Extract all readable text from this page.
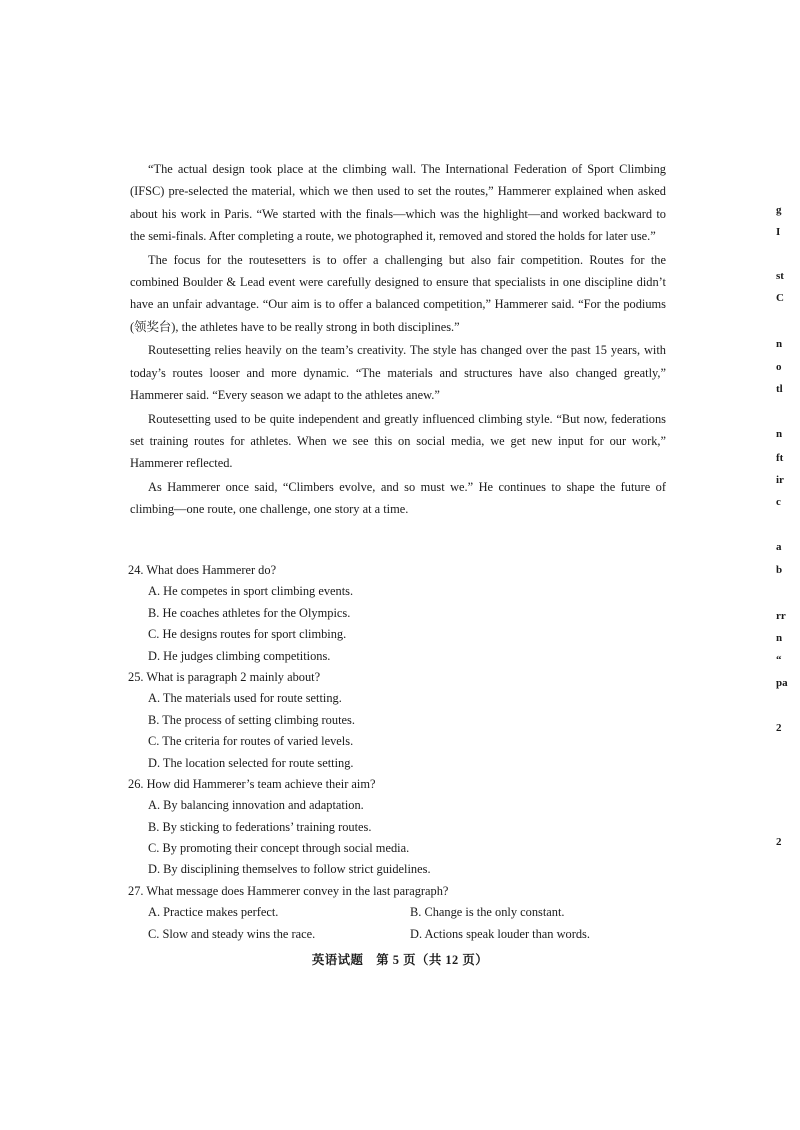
“The actual design took place at the climbing wall. The International Federation of Sport Climbing (IFSC) pre-selected the material, which we then used to set the routes,” Hammerer explained when asked about his work in Paris. “We started with the finals—which was the highlight—and worked backward to the semi-finals. After completing a route, we photographed it, removed and stored the holds for later use.”

The focus for the routesetters is to offer a challenging but also fair competition. Routes for the combined Boulder & Lead event were carefully designed to ensure that specialists in one discipline didn’t have an unfair advantage. “Our aim is to offer a balanced competition,” Hammerer said. “For the podiums (领奖台), the athletes have to be really strong in both disciplines.”

Routesetting relies heavily on the team’s creativity. The style has changed over the past 15 years, with today’s routes looser and more dynamic. “The materials and structures have also changed greatly,” Hammerer said. “Every season we adapt to the athletes anew.”

Routesetting used to be quite independent and greatly influenced climbing style. “But now, federations set training routes for athletes. When we see this on social media, we get new input for our work,” Hammerer reflected.

As Hammerer once said, “Climbers evolve, and so must we.” He continues to shape the future of climbing—one route, one challenge, one story at a time.

24. What does Hammerer do?
A. He competes in sport climbing events.
B. He coaches athletes for the Olympics.
C. He designs routes for sport climbing.
D. He judges climbing competitions.
25. What is paragraph 2 mainly about?
A. The materials used for route setting.
B. The process of setting climbing routes.
C. The criteria for routes of varied levels.
D. The location selected for route setting.
26. How did Hammerer’s team achieve their aim?
A. By balancing innovation and adaptation.
B. By sticking to federations’ training routes.
C. By promoting their concept through social media.
D. By disciplining themselves to follow strict guidelines.
27. What message does Hammerer convey in the last paragraph?
A. Practice makes perfect.	B. Change is the only constant.
C. Slow and steady wins the race.	D. Actions speak louder than words.
英语试题　第 5 页（共 12 页）
g
I
st
C
n
o
tl
n
ft
ir
c
a
b
rr
n
“
pa
2
2
